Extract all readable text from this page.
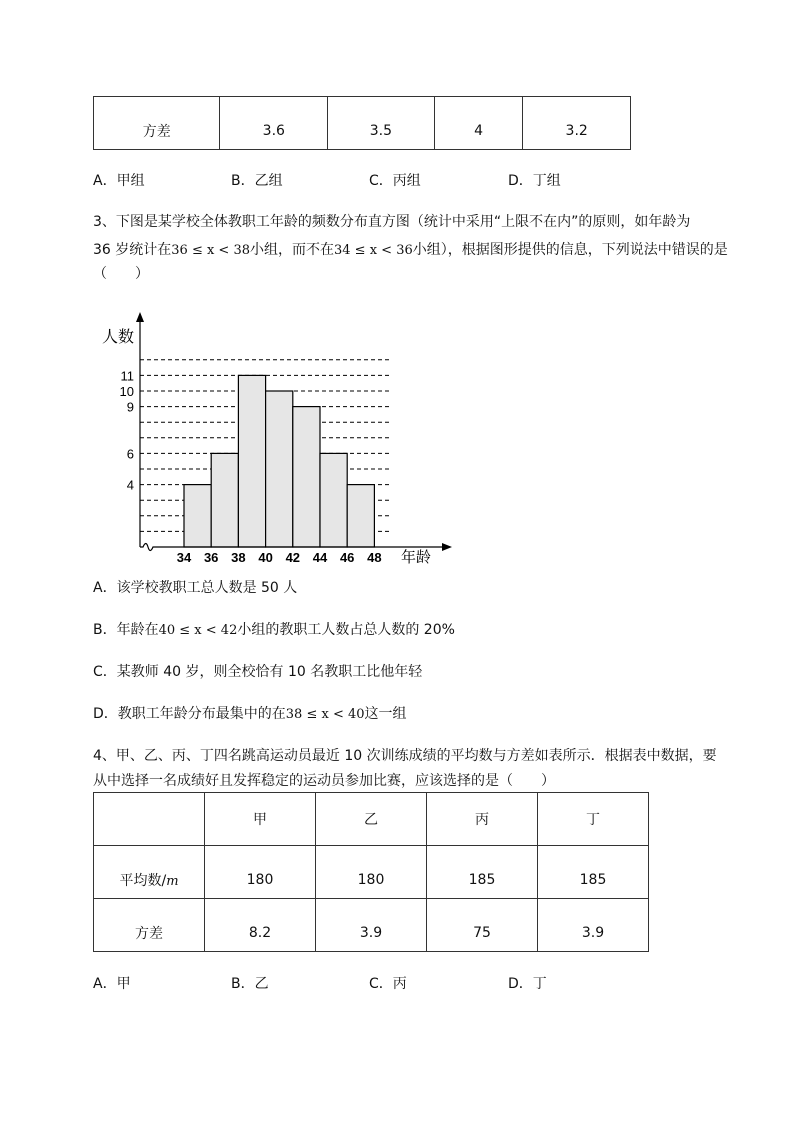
方差	3.6	3.5	4	3.2
A．甲组	B．乙组	C．丙组	D．丁组
3、下图是某学校全体教职工年龄的频数分布直方图（统计中采用“上限不在内”的原则，如年龄为
36 岁统计在36 ≤ x < 38小组，而不在34 ≤ x < 36小组），根据图形提供的信息，下列说法中错误的是
（　　）
4
6
9
10
11
34 36 38 40 42 44 46 48
人数
年龄
A．该学校教职工总人数是 50 人
B．年龄在40 ≤ x < 42小组的教职工人数占总人数的 20%
C．某教师 40 岁，则全校恰有 10 名教职工比他年轻
D．教职工年龄分布最集中的在38 ≤ x < 40这一组
4、甲、乙、丙、丁四名跳高运动员最近 10 次训练成绩的平均数与方差如表所示．根据表中数据，要
从中选择一名成绩好且发挥稳定的运动员参加比赛，应该选择的是（　　）
	甲	乙	丙	丁
平均数/m	180	180	185	185
方差	8.2	3.9	75	3.9
A．甲	B．乙	C．丙	D．丁
